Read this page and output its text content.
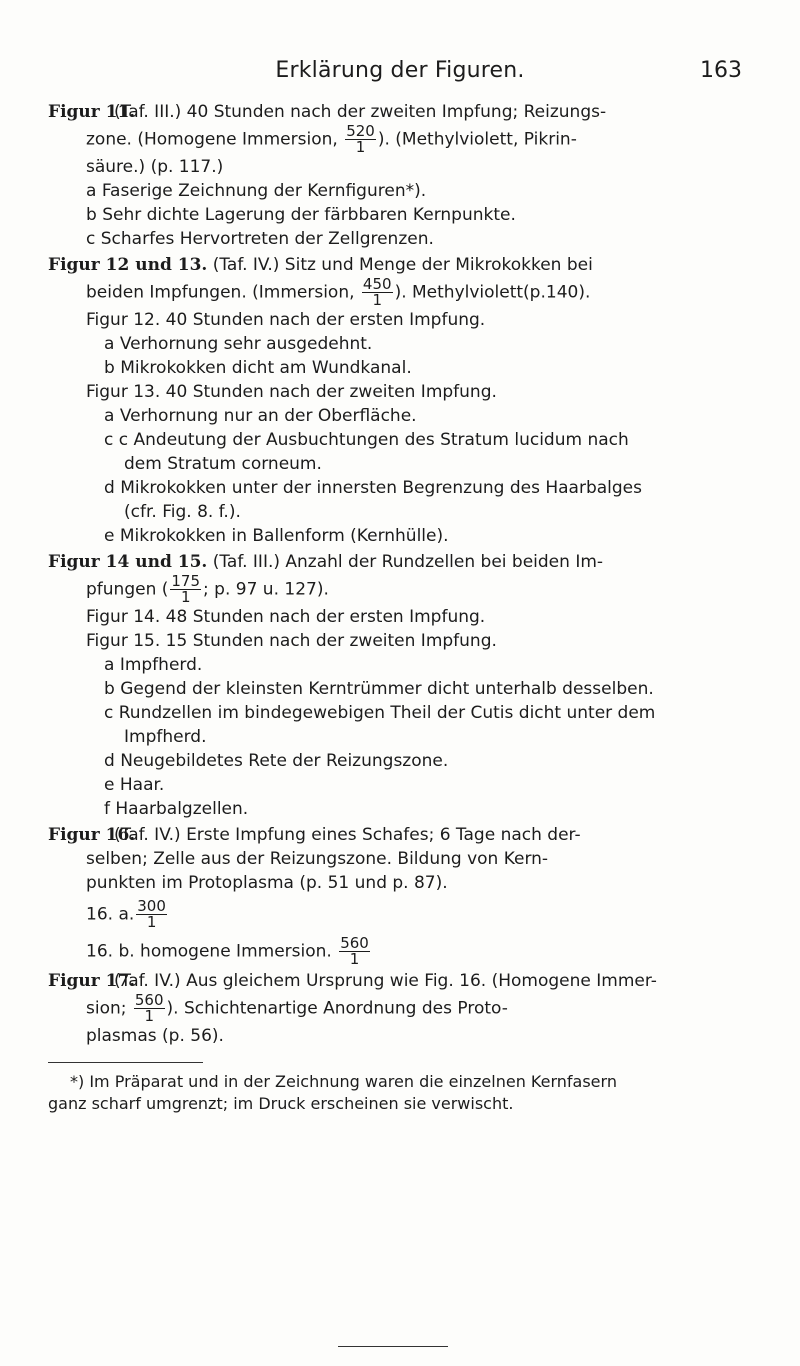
Erklärung der Figuren.	163
Figur 11.
(Taf. III.) 40 Stunden nach der zweiten Impfung; Reizungs-
zone. (Homogene Immersion, $\frac{520}{1}$ ). (Methylviolett, Pikrin-
säure.) (p. 117.)
a Faserige Zeichnung der Kernfiguren*).
b Sehr dichte Lagerung der färbbaren Kernpunkte.
c Scharfes Hervortreten der Zellgrenzen.
Figur 12 und 13. (Taf. IV.) Sitz und Menge der Mikrokokken bei
beiden Impfungen. (Immersion, $\frac{450}{1}$ ). Methylviolett(p.140).
Figur 12. 40 Stunden nach der ersten Impfung.
a Verhornung sehr ausgedehnt.
b Mikrokokken dicht am Wundkanal.
Figur 13. 40 Stunden nach der zweiten Impfung.
a Verhornung nur an der Oberfläche.
c c Andeutung der Ausbuchtungen des Stratum lucidum nach
dem Stratum corneum.
d Mikrokokken unter der innersten Begrenzung des Haarbalges
(cfr. Fig. 8. f.).
e Mikrokokken in Ballenform (Kernhülle).
Figur 14 und 15. (Taf. III.) Anzahl der Rundzellen bei beiden Im-
pfungen ( $\frac{175}{1}$ ; p. 97 u. 127).
Figur 14. 48 Stunden nach der ersten Impfung.
Figur 15. 15 Stunden nach der zweiten Impfung.
a Impfherd.
b Gegend der kleinsten Kerntrümmer dicht unterhalb desselben.
c Rundzellen im bindegewebigen Theil der Cutis dicht unter dem
Impfherd.
d Neugebildetes Rete der Reizungszone.
e Haar.
f Haarbalgzellen.
Figur 16.
(Taf. IV.) Erste Impfung eines Schafes; 6 Tage nach der-
selben; Zelle aus der Reizungszone. Bildung von Kern-
punkten im Protoplasma (p. 51 und p. 87).
16. a. $\frac{300}{1}$
16. b. homogene Immersion. $\frac{560}{1}$
Figur 17.
(Taf. IV.) Aus gleichem Ursprung wie Fig. 16. (Homogene Immer-
sion; $\frac{560}{1}$ ). Schichtenartige Anordnung des Proto-
plasmas (p. 56).
*) Im Präparat und in der Zeichnung waren die einzelnen Kernfasern
ganz scharf umgrenzt; im Druck erscheinen sie verwischt.
